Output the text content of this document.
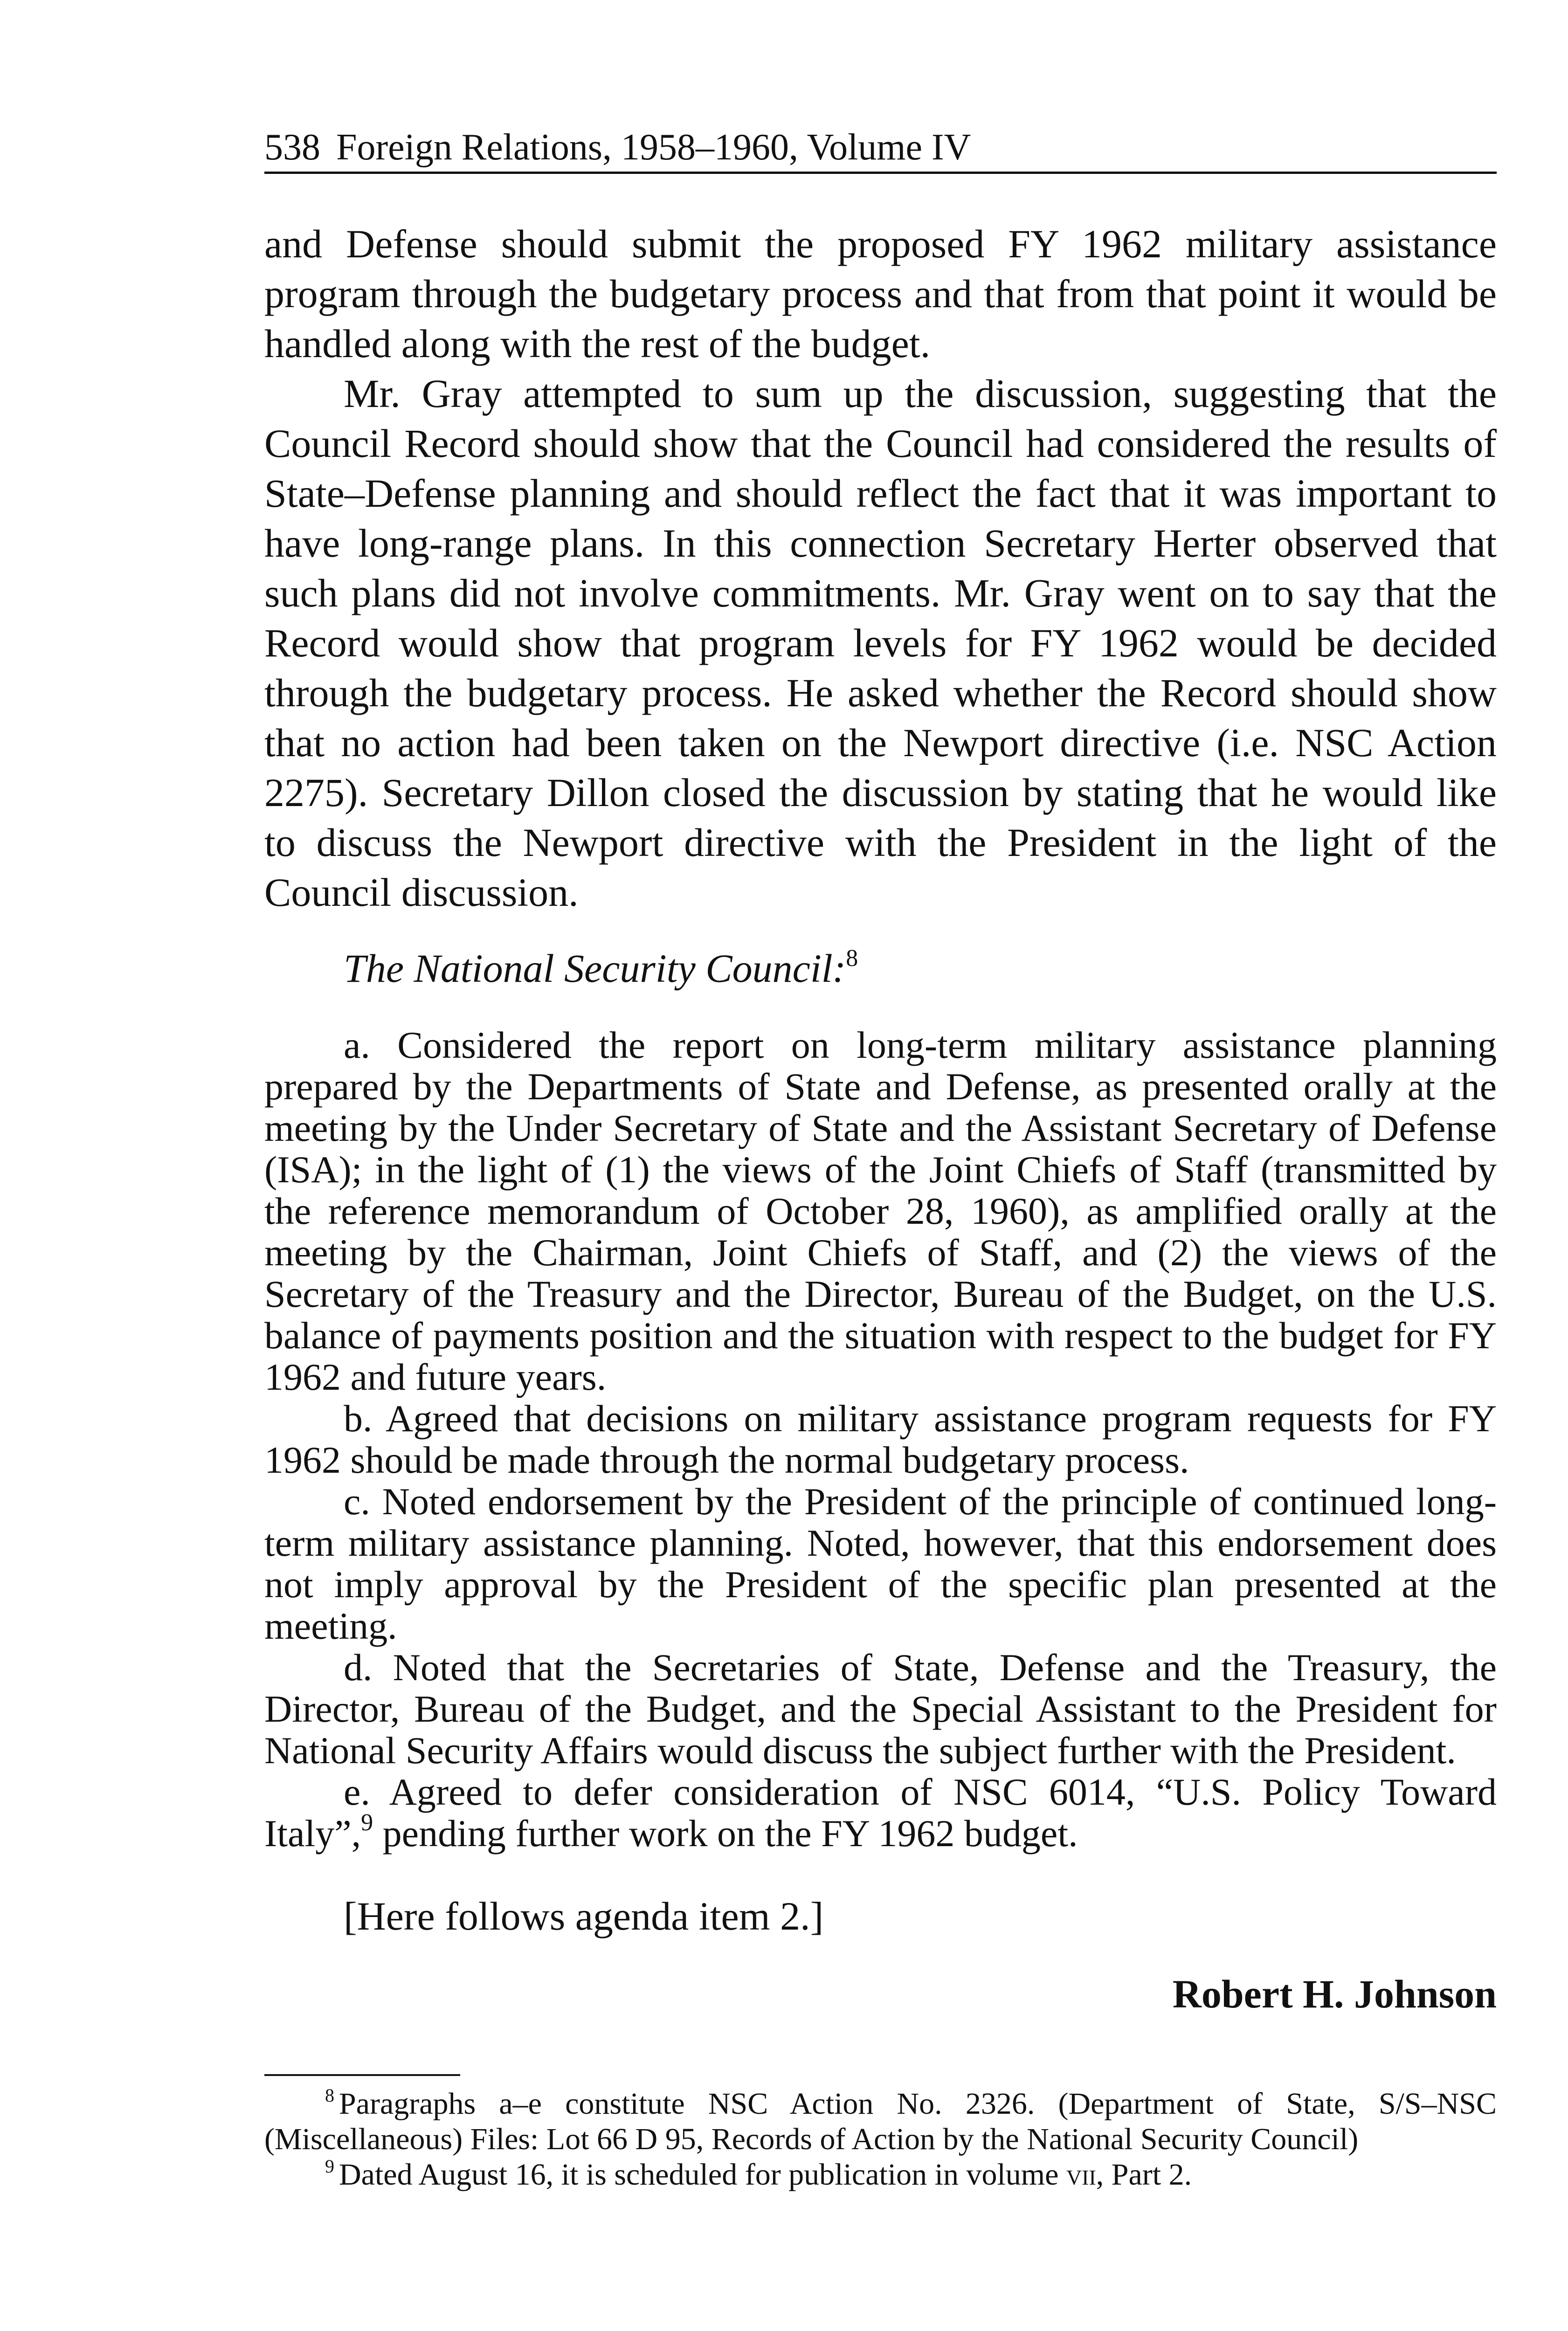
538 Foreign Relations, 1958–1960, Volume IV

and Defense should submit the proposed FY 1962 military assistance program through the budgetary process and that from that point it would be handled along with the rest of the budget.

Mr. Gray attempted to sum up the discussion, suggesting that the Council Record should show that the Council had considered the results of State–Defense planning and should reflect the fact that it was important to have long-range plans. In this connection Secretary Herter observed that such plans did not involve commitments. Mr. Gray went on to say that the Record would show that program levels for FY 1962 would be decided through the budgetary process. He asked whether the Record should show that no action had been taken on the Newport directive (i.e. NSC Action 2275). Secretary Dillon closed the discussion by stating that he would like to discuss the Newport directive with the President in the light of the Council discussion.

The National Security Council:$^8$

a. Considered the report on long-term military assistance planning prepared by the Departments of State and Defense, as presented orally at the meeting by the Under Secretary of State and the Assistant Secretary of Defense (ISA); in the light of (1) the views of the Joint Chiefs of Staff (transmitted by the reference memorandum of October 28, 1960), as amplified orally at the meeting by the Chairman, Joint Chiefs of Staff, and (2) the views of the Secretary of the Treasury and the Director, Bureau of the Budget, on the U.S. balance of payments position and the situation with respect to the budget for FY 1962 and future years.

b. Agreed that decisions on military assistance program requests for FY 1962 should be made through the normal budgetary process.

c. Noted endorsement by the President of the principle of continued long-term military assistance planning. Noted, however, that this endorsement does not imply approval by the President of the specific plan presented at the meeting.

d. Noted that the Secretaries of State, Defense and the Treasury, the Director, Bureau of the Budget, and the Special Assistant to the President for National Security Affairs would discuss the subject further with the President.

e. Agreed to defer consideration of NSC 6014, “U.S. Policy Toward Italy”,$^9$ pending further work on the FY 1962 budget.

[Here follows agenda item 2.]

Robert H. Johnson

$^8$ Paragraphs a–e constitute NSC Action No. 2326. (Department of State, S/S–NSC (Miscellaneous) Files: Lot 66 D 95, Records of Action by the National Security Council)

$^9$ Dated August 16, it is scheduled for publication in volume vii, Part 2.
